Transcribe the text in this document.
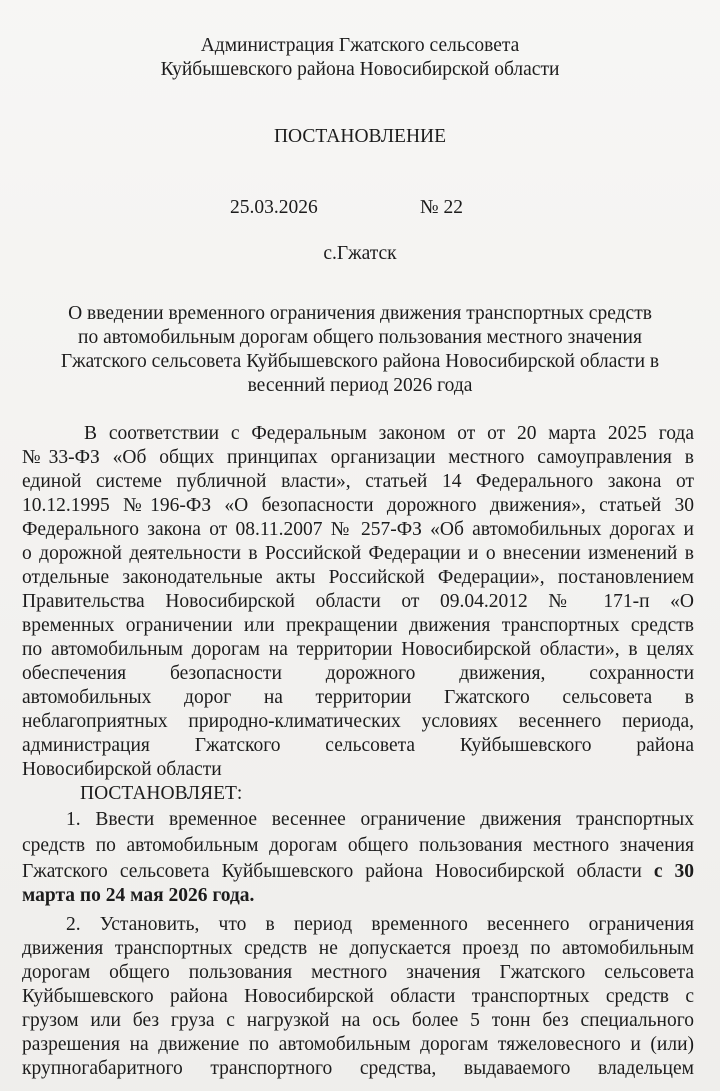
Администрация Гжатского сельсовета
Куйбышевского района Новосибирской области
ПОСТАНОВЛЕНИЕ
25.03.2026	№ 22
с.Гжатск
О введении временного ограничения движения транспортных средств
по автомобильным дорогам общего пользования местного значения
Гжатского сельсовета Куйбышевского района Новосибирской области в
весенний период 2026 года
В соответствии с Федеральным законом от от 20 марта 2025 года
№33-ФЗ «Об общих принципах организации местного самоуправления в
единой системе публичной власти», статьей 14 Федерального закона от
10.12.1995 №196-ФЗ «О безопасности дорожного движения», статьей 30
Федерального закона от 08.11.2007 № 257-ФЗ «Об автомобильных дорогах и
о дорожной деятельности в Российской Федерации и о внесении изменений в
отдельные законодательные акты Российской Федерации», постановлением
Правительства Новосибирской области от 09.04.2012 № 171-п «О
временных ограничении или прекращении движения транспортных средств
по автомобильным дорогам на территории Новосибирской области», в целях
обеспечения безопасности дорожного движения, сохранности
автомобильных дорог на территории Гжатского сельсовета в
неблагоприятных природно-климатических условиях весеннего периода,
администрация Гжатского сельсовета Куйбышевского района
Новосибирской области
ПОСТАНОВЛЯЕТ:
1. Ввести временное весеннее ограничение движения транспортных
средств по автомобильным дорогам общего пользования местного значения
Гжатского сельсовета Куйбышевского района Новосибирской области с 30
марта по 24 мая 2026 года.
2. Установить, что в период временного весеннего ограничения
движения транспортных средств не допускается проезд по автомобильным
дорогам общего пользования местного значения Гжатского сельсовета
Куйбышевского района Новосибирской области транспортных средств с
грузом или без груза с нагрузкой на ось более 5 тонн без специального
разрешения на движение по автомобильным дорогам тяжеловесного и (или)
крупногабаритного транспортного средства, выдаваемого владельцем
